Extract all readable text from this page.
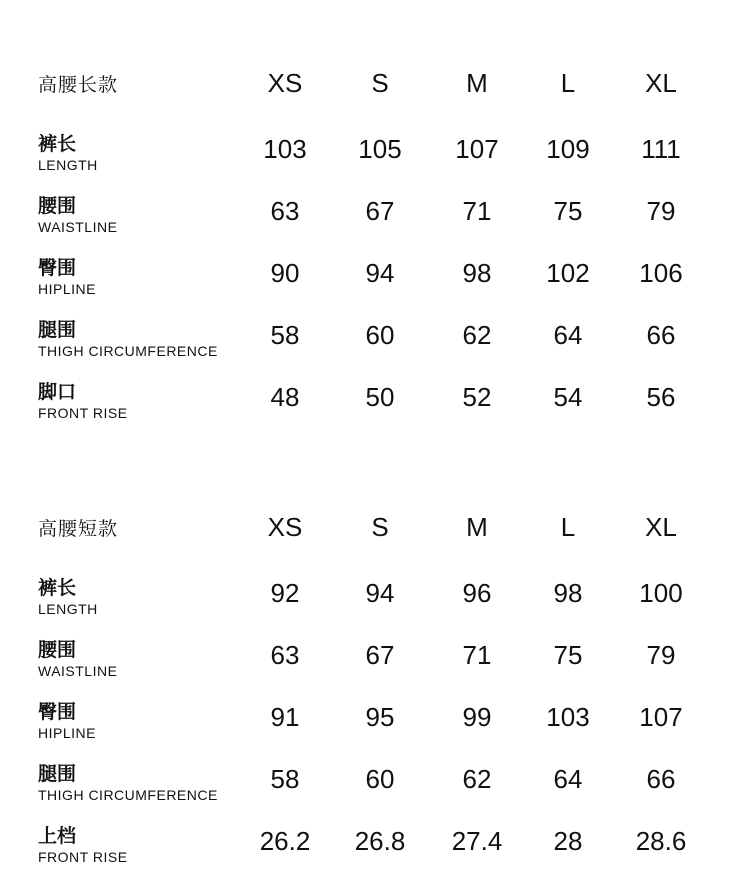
高腰长款	XS	S	M	L	XL
裤长
LENGTH
103	105	107	109	111
腰围
WAISTLINE
63	67	71	75	79
臀围
HIPLINE
90	94	98	102	106
腿围
THIGH CIRCUMFERENCE
58	60	62	64	66
脚口
FRONT RISE
48	50	52	54	56
高腰短款	XS	S	M	L	XL
裤长
LENGTH
92	94	96	98	100
腰围
WAISTLINE
63	67	71	75	79
臀围
HIPLINE
91	95	99	103	107
腿围
THIGH CIRCUMFERENCE
58	60	62	64	66
上档
FRONT RISE
26.2	26.8	27.4	28	28.6
